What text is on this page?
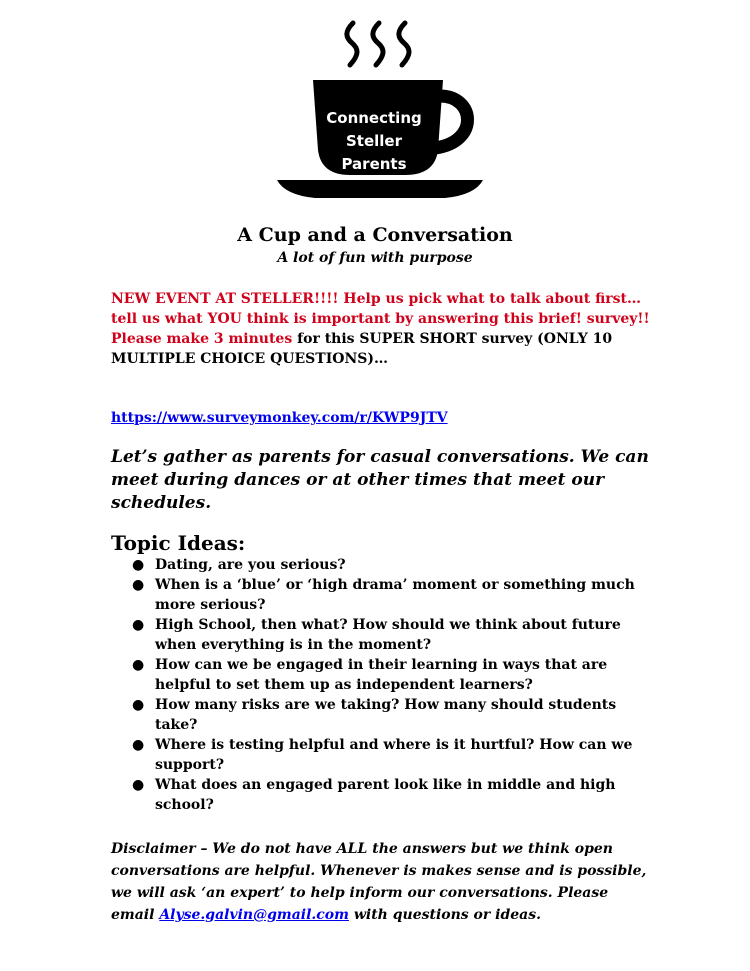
Connecting
Steller
Parents
A Cup and a Conversation
A lot of fun with purpose
NEW EVENT AT STELLER!!!! Help us pick what to talk about first…tell us what YOU think is important by answering this brief! survey!!
Please make 3 minutes for this SUPER SHORT survey (ONLY 10 MULTIPLE CHOICE QUESTIONS)…
https://www.surveymonkey.com/r/KWP9JTV
Let’s gather as parents for casual conversations. We can meet during dances or at other times that meet our schedules.
Topic Ideas:
● Dating, are you serious?
● When is a ‘blue’ or ‘high drama’ moment or something much more serious?
● High School, then what? How should we think about future when everything is in the moment?
● How can we be engaged in their learning in ways that are helpful to set them up as independent learners?
● How many risks are we taking? How many should students take?
● Where is testing helpful and where is it hurtful? How can we support?
● What does an engaged parent look like in middle and high school?
Disclaimer – We do not have ALL the answers but we think open conversations are helpful. Whenever is makes sense and is possible, we will ask ‘an expert’ to help inform our conversations. Please email Alyse.galvin@gmail.com with questions or ideas.
